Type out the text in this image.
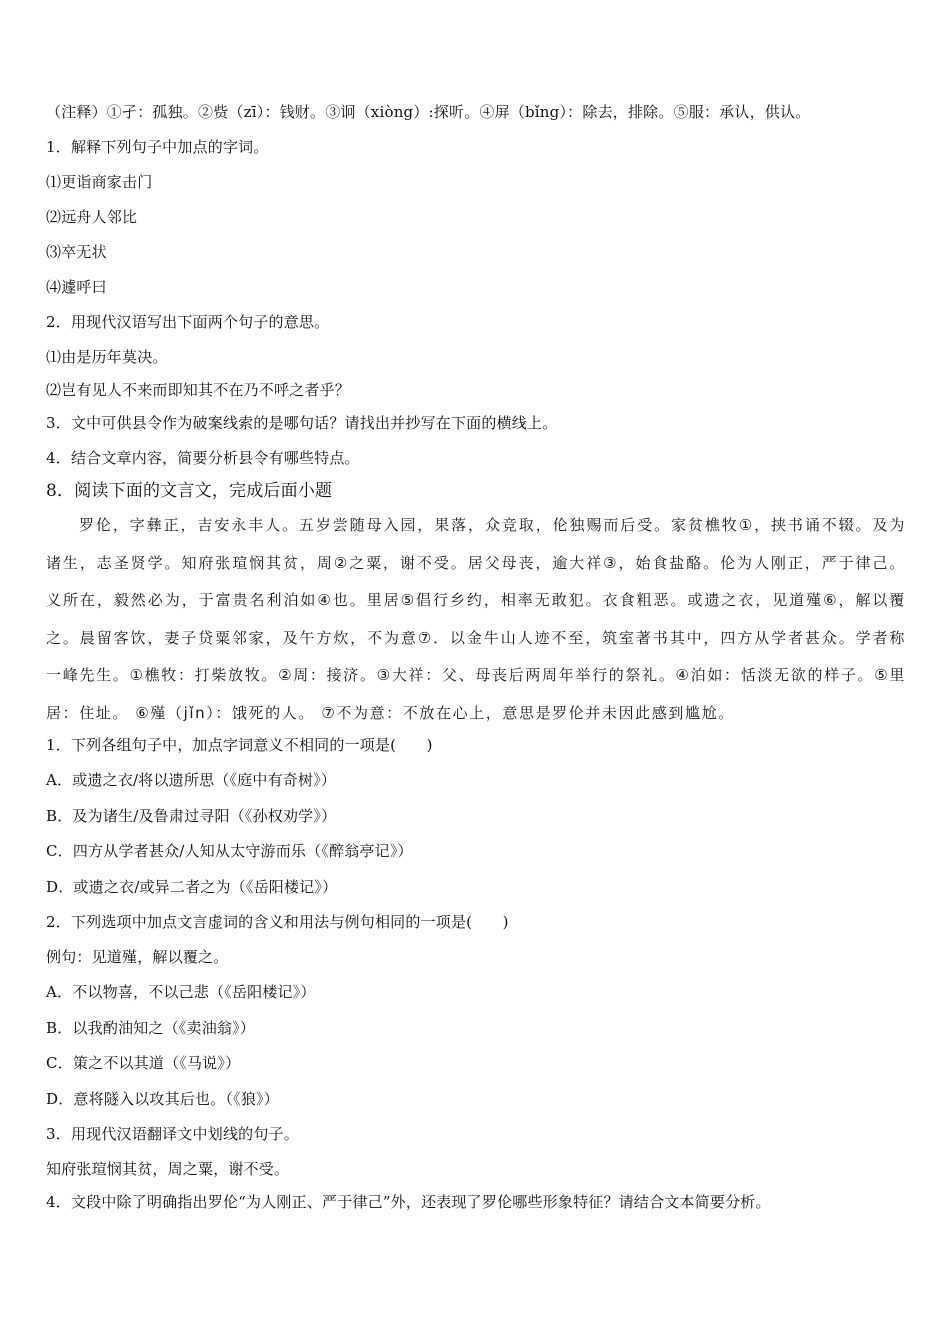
（注释）①孑：孤独。②赀（zī）：钱财。③诇（xiòng）:探听。④屏（bǐng）：除去，排除。⑤服：承认，供认。
1．解释下列句子中加点的字词。
⑴更诣商家击门
⑵远舟人邻比
⑶卒无状
⑷遽呼曰
2．用现代汉语写出下面两个句子的意思。
⑴由是历年莫决。
⑵岂有见人不来而即知其不在乃不呼之者乎？
3．文中可供县令作为破案线索的是哪句话？请找出并抄写在下面的横线上。
4．结合文章内容，简要分析县令有哪些特点。
8．阅读下面的文言文，完成后面小题
罗伦，字彝正，吉安永丰人。五岁尝随母入园，果落，众竞取，伦独赐而后受。家贫樵牧①，挟书诵不辍。及为诸生，志圣贤学。知府张瑄悯其贫，周②之粟，谢不受。居父母丧，逾大祥③，始食盐酪。伦为人刚正，严于律己。义所在，毅然必为，于富贵名利泊如④也。里居⑤倡行乡约，相率无敢犯。衣食粗恶。或遗之衣，见道殣⑥，解以覆之。晨留客饮，妻子贷粟邻家，及午方炊，不为意⑦．以金牛山人迹不至，筑室著书其中，四方从学者甚众。学者称一峰先生。①樵牧：打柴放牧。②周：接济。③大祥：父、母丧后两周年举行的祭礼。④泊如：恬淡无欲的样子。⑤里居：住址。 ⑥殣（jǐn）：饿死的人。 ⑦不为意：不放在心上，意思是罗伦并未因此感到尴尬。
1．下列各组句子中，加点字词意义不相同的一项是(　　)
A．或遗之衣/将以遗所思（《庭中有奇树》）
B．及为诸生/及鲁肃过寻阳（《孙权劝学》）
C．四方从学者甚众/人知从太守游而乐（《醉翁亭记》）
D．或遗之衣/或异二者之为（《岳阳楼记》）
2．下列选项中加点文言虚词的含义和用法与例句相同的一项是(　　)
例句：见道殣，解以覆之。
A．不以物喜，不以己悲（《岳阳楼记》）
B．以我酌油知之（《卖油翁》）
C．策之不以其道（《马说》）
D．意将隧入以攻其后也。（《狼》）
3．用现代汉语翻译文中划线的句子。
知府张瑄悯其贫，周之粟，谢不受。
4．文段中除了明确指出罗伦“为人刚正、严于律己”外，还表现了罗伦哪些形象特征？请结合文本简要分析。
